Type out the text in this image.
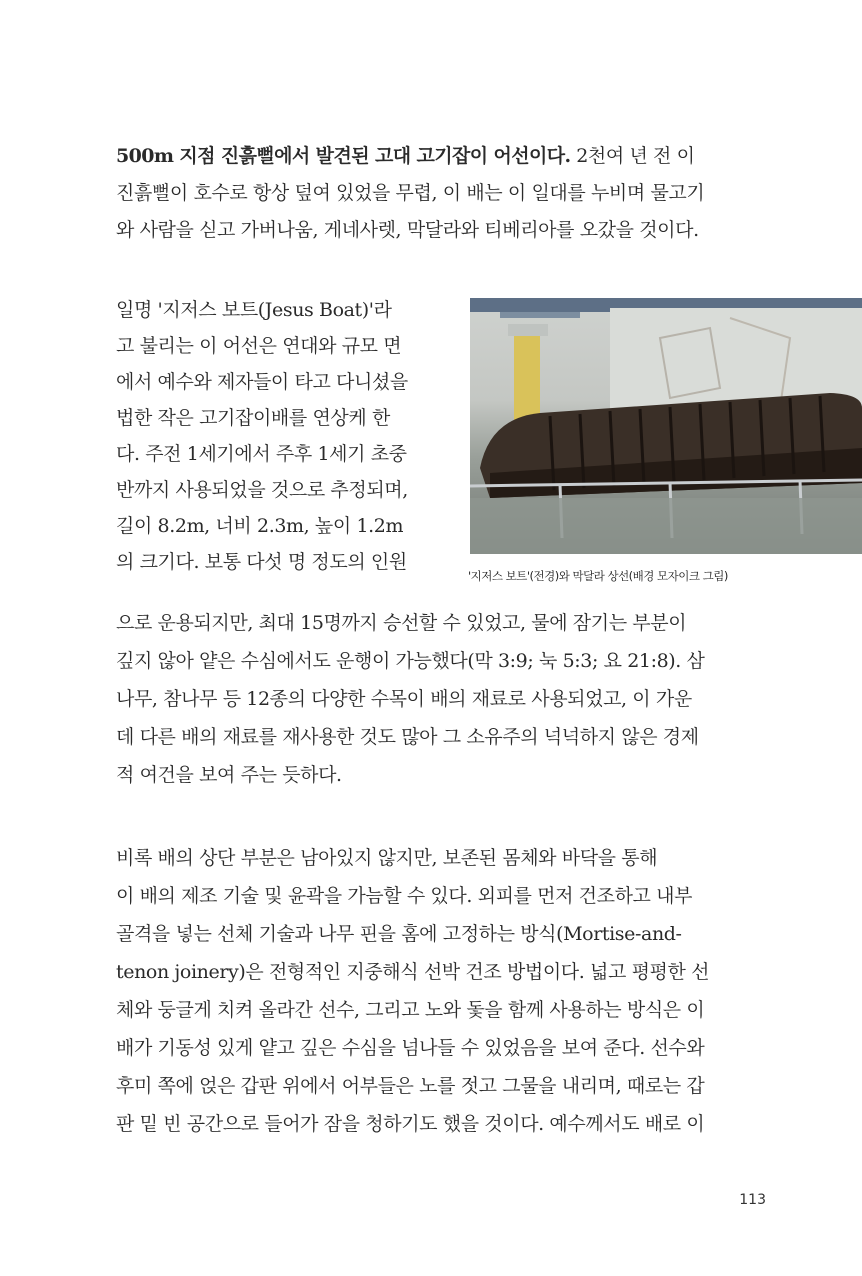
500m 지점 진흙뻘에서 발견된 고대 고기잡이 어선이다. 2천여 년 전 이
진흙뻘이 호수로 항상 덮여 있었을 무렵, 이 배는 이 일대를 누비며 물고기
와 사람을 싣고 가버나움, 게네사렛, 막달라와 티베리아를 오갔을 것이다.
일명 '지저스 보트(Jesus Boat)'라
고 불리는 이 어선은 연대와 규모 면
에서 예수와 제자들이 타고 다니셨을
법한 작은 고기잡이배를 연상케 한
다. 주전 1세기에서 주후 1세기 초중
반까지 사용되었을 것으로 추정되며,
길이 8.2m, 너비 2.3m, 높이 1.2m
의 크기다. 보통 다섯 명 정도의 인원
으로 운용되지만, 최대 15명까지 승선할 수 있었고, 물에 잠기는 부분이
깊지 않아 얕은 수심에서도 운행이 가능했다(막 3:9; 눅 5:3; 요 21:8). 삼
나무, 참나무 등 12종의 다양한 수목이 배의 재료로 사용되었고, 이 가운
데 다른 배의 재료를 재사용한 것도 많아 그 소유주의 넉넉하지 않은 경제
적 여건을 보여 주는 듯하다.
비록 배의 상단 부분은 남아있지 않지만, 보존된 몸체와 바닥을 통해
이 배의 제조 기술 및 윤곽을 가늠할 수 있다. 외피를 먼저 건조하고 내부
골격을 넣는 선체 기술과 나무 핀을 홈에 고정하는 방식(Mortise-and-
tenon joinery)은 전형적인 지중해식 선박 건조 방법이다. 넓고 평평한 선
체와 둥글게 치켜 올라간 선수, 그리고 노와 돛을 함께 사용하는 방식은 이
배가 기동성 있게 얕고 깊은 수심을 넘나들 수 있었음을 보여 준다. 선수와
후미 쪽에 얹은 갑판 위에서 어부들은 노를 젓고 그물을 내리며, 때로는 갑
판 밑 빈 공간으로 들어가 잠을 청하기도 했을 것이다. 예수께서도 배로 이
'지저스 보트'(전경)와 막달라 상선(배경 모자이크 그림)
113
